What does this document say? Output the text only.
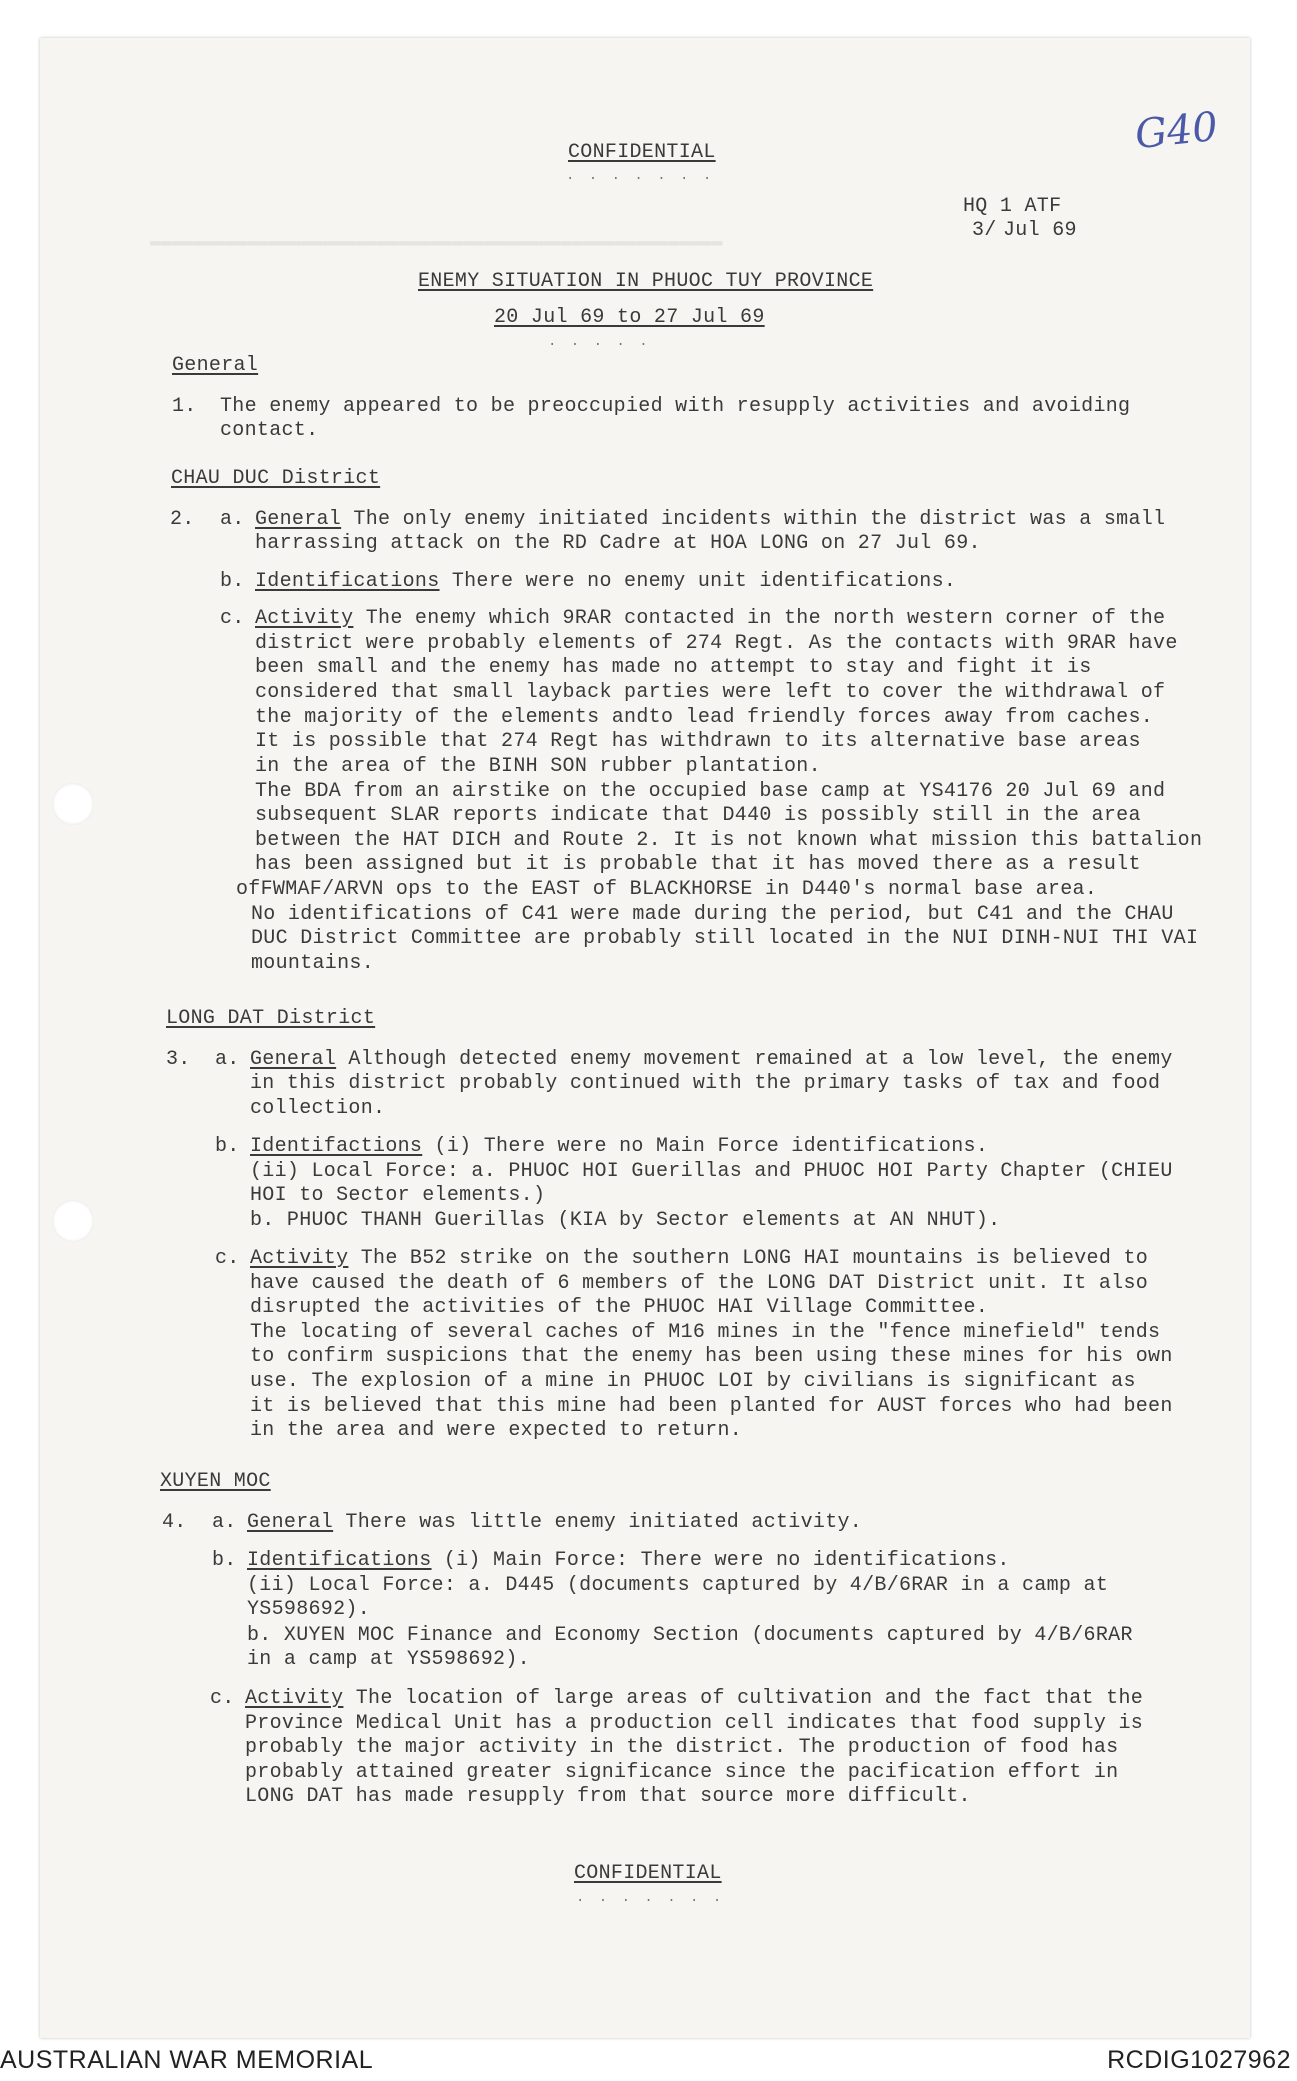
▬▬▬▬▬▬▬▬▬▬▬▬▬▬▬▬▬▬▬▬▬▬▬▬▬▬▬▬▬▬▬▬▬▬▬▬▬▬▬▬▬▬▬▬▬▬▬▬▬▬▬▬▬
G40
CONFIDENTIAL
. . . . . . .
HQ 1 ATF
3/ Jul 69
ENEMY SITUATION IN PHUOC TUY PROVINCE
20 Jul 69 to 27 Jul 69
. . . . .
General
1. The enemy appeared to be preoccupied with resupply activities and avoiding
contact.
CHAU DUC District
2. a. General The only enemy initiated incidents within the district was a small
harrassing attack on the RD Cadre at HOA LONG on 27 Jul 69.
b. Identifications There were no enemy unit identifications.
c. Activity The enemy which 9RAR contacted in the north western corner of the
district were probably elements of 274 Regt. As the contacts with 9RAR have
been small and the enemy has made no attempt to stay and fight it is
considered that small layback parties were left to cover the withdrawal of
the majority of the elements andto lead friendly forces away from caches.
It is possible that 274 Regt has withdrawn to its alternative base areas
in the area of the BINH SON rubber plantation.
The BDA from an airstike on the occupied base camp at YS4176 20 Jul 69 and
subsequent SLAR reports indicate that D440 is possibly still in the area
between the HAT DICH and Route 2. It is not known what mission this battalion
has been assigned but it is probable that it has moved there as a result
ofFWMAF/ARVN ops to the EAST of BLACKHORSE in D440's normal base area.
No identifications of C41 were made during the period, but C41 and the CHAU
DUC District Committee are probably still located in the NUI DINH-NUI THI VAI
mountains.
LONG DAT District
3. a. General Although detected enemy movement remained at a low level, the enemy
in this district probably continued with the primary tasks of tax and food
collection.
b. Identifactions (i) There were no Main Force identifications.
(ii) Local Force: a. PHUOC HOI Guerillas and PHUOC HOI Party Chapter (CHIEU
HOI to Sector elements.)
b. PHUOC THANH Guerillas (KIA by Sector elements at AN NHUT).
c. Activity The B52 strike on the southern LONG HAI mountains is believed to
have caused the death of 6 members of the LONG DAT District unit. It also
disrupted the activities of the PHUOC HAI Village Committee.
The locating of several caches of M16 mines in the "fence minefield" tends
to confirm suspicions that the enemy has been using these mines for his own
use. The explosion of a mine in PHUOC LOI by civilians is significant as
it is believed that this mine had been planted for AUST forces who had been
in the area and were expected to return.
XUYEN MOC
4. a. General There was little enemy initiated activity.
b. Identifications (i) Main Force: There were no identifications.
(ii) Local Force: a. D445 (documents captured by 4/B/6RAR in a camp at
YS598692).
b. XUYEN MOC Finance and Economy Section (documents captured by 4/B/6RAR
in a camp at YS598692).
c. Activity The location of large areas of cultivation and the fact that the
Province Medical Unit has a production cell indicates that food supply is
probably the major activity in the district. The production of food has
probably attained greater significance since the pacification effort in
LONG DAT has made resupply from that source more difficult.
CONFIDENTIAL
. . . . . . .
AUSTRALIAN WAR MEMORIAL	RCDIG1027962
